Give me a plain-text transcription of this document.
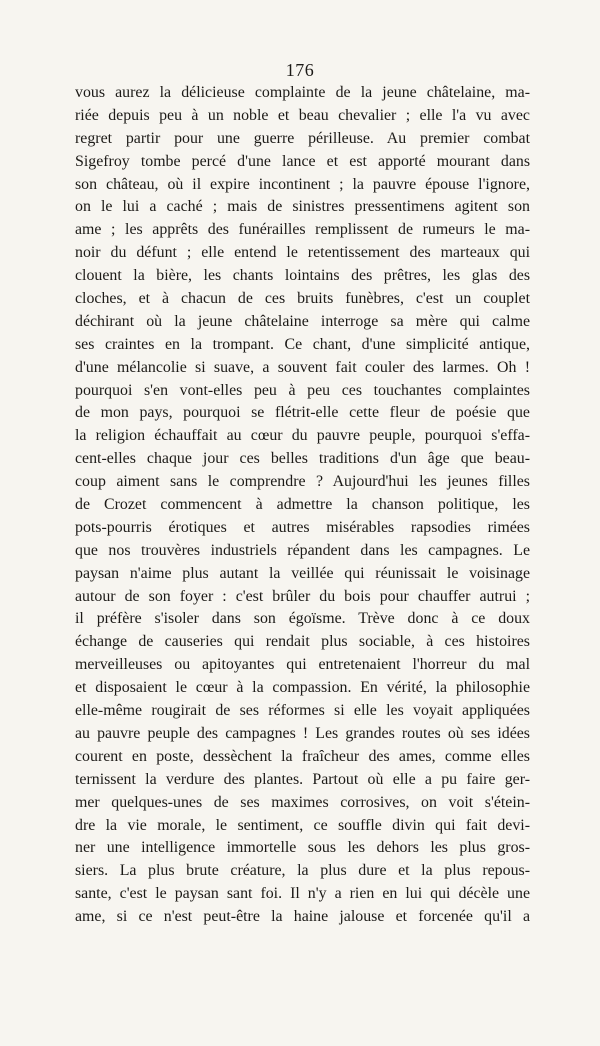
176
vous aurez la délicieuse complainte de la jeune châtelaine, ma-
riée depuis peu à un noble et beau chevalier ; elle l'a vu avec
regret partir pour une guerre périlleuse. Au premier combat
Sigefroy tombe percé d'une lance et est apporté mourant dans
son château, où il expire incontinent ; la pauvre épouse l'ignore,
on le lui a caché ; mais de sinistres pressentimens agitent son
ame ; les apprêts des funérailles remplissent de rumeurs le ma-
noir du défunt ; elle entend le retentissement des marteaux qui
clouent la bière, les chants lointains des prêtres, les glas des
cloches, et à chacun de ces bruits funèbres, c'est un couplet
déchirant où la jeune châtelaine interroge sa mère qui calme
ses craintes en la trompant. Ce chant, d'une simplicité antique,
d'une mélancolie si suave, a souvent fait couler des larmes. Oh !
pourquoi s'en vont-elles peu à peu ces touchantes complaintes
de mon pays, pourquoi se flétrit-elle cette fleur de poésie que
la religion échauffait au cœur du pauvre peuple, pourquoi s'effa-
cent-elles chaque jour ces belles traditions d'un âge que beau-
coup aiment sans le comprendre ? Aujourd'hui les jeunes filles
de Crozet commencent à admettre la chanson politique, les
pots-pourris érotiques et autres misérables rapsodies rimées
que nos trouvères industriels répandent dans les campagnes. Le
paysan n'aime plus autant la veillée qui réunissait le voisinage
autour de son foyer : c'est brûler du bois pour chauffer autrui ;
il préfère s'isoler dans son égoïsme. Trève donc à ce doux
échange de causeries qui rendait plus sociable, à ces histoires
merveilleuses ou apitoyantes qui entretenaient l'horreur du mal
et disposaient le cœur à la compassion. En vérité, la philosophie
elle-même rougirait de ses réformes si elle les voyait appliquées
au pauvre peuple des campagnes ! Les grandes routes où ses idées
courent en poste, dessèchent la fraîcheur des ames, comme elles
ternissent la verdure des plantes. Partout où elle a pu faire ger-
mer quelques-unes de ses maximes corrosives, on voit s'étein-
dre la vie morale, le sentiment, ce souffle divin qui fait devi-
ner une intelligence immortelle sous les dehors les plus gros-
siers. La plus brute créature, la plus dure et la plus repous-
sante, c'est le paysan sant foi. Il n'y a rien en lui qui décèle une
ame, si ce n'est peut-être la haine jalouse et forcenée qu'il a
